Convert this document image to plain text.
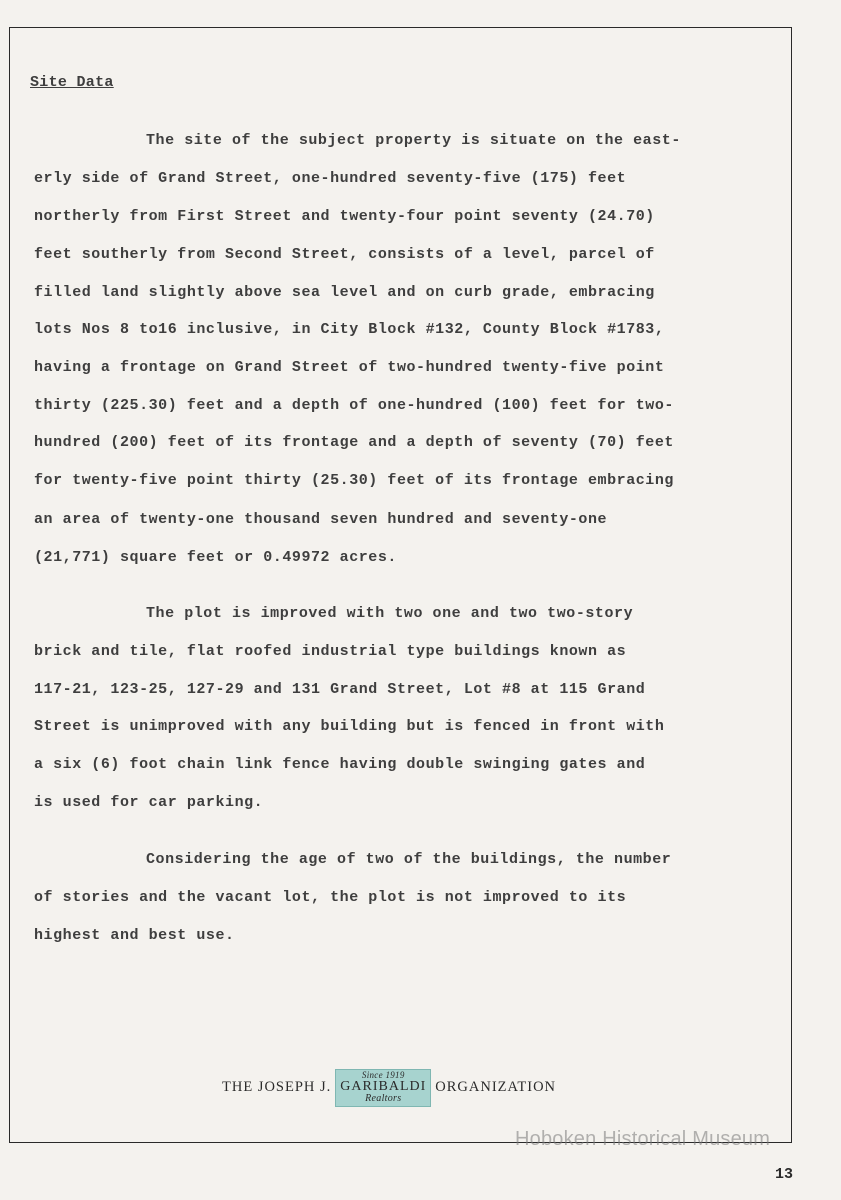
Site Data
The site of the subject property is situate on the east-
erly side of Grand Street, one-hundred seventy-five (175) feet
northerly from First Street and twenty-four point seventy (24.70)
feet southerly from Second Street, consists of a level, parcel of
filled land slightly above sea level and on curb grade, embracing
lots Nos 8 to16 inclusive, in City Block #132, County Block #1783,
having a frontage on Grand Street of two-hundred twenty-five point
thirty (225.30) feet and a depth of one-hundred (100) feet for two-
hundred (200) feet of its frontage and a depth of seventy (70) feet
for twenty-five point thirty (25.30) feet of its frontage embracing
an area of twenty-one thousand seven hundred and seventy-one
(21,771) square feet or 0.49972 acres.
The plot is improved with two one and two two-story
brick and tile, flat roofed industrial type buildings known as
117-21, 123-25, 127-29 and 131 Grand Street, Lot #8 at 115 Grand
Street is unimproved with any building but is fenced in front with
a six (6) foot chain link fence having double swinging gates and
is used for car parking.
Considering the age of two of the buildings, the number
of stories and the vacant lot, the plot is not improved to its
highest and best use.
THE JOSEPH J.
Since 1919
GARIBALDI
Realtors
ORGANIZATION
Hoboken Historical Museum
13
